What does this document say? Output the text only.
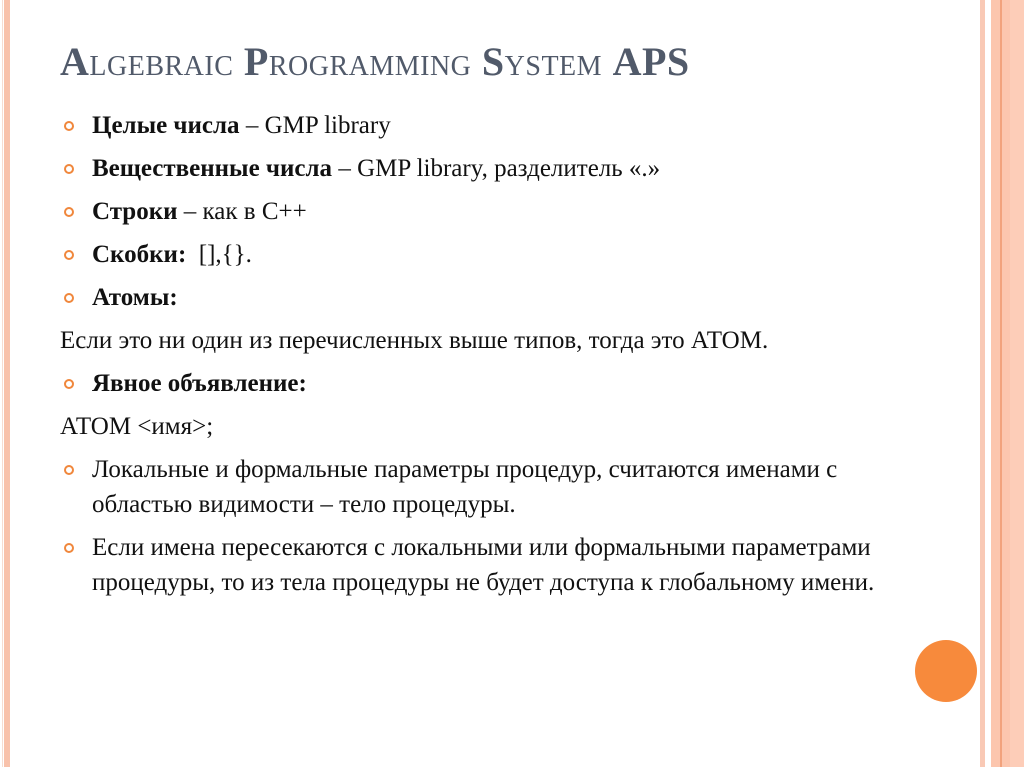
ALGEBRAIC PROGRAMMING SYSTEM APS
Целые числа – GMP library
Вещественные числа – GMP library, разделитель «.»
Строки – как в C++
Скобки:  [],{}.
Атомы:
Если это ни один из перечисленных выше типов, тогда это АТОМ.
Явное объявление:
АТОМ <имя>;
Локальные и формальные параметры процедур, считаются именами с областью видимости – тело процедуры.
Если имена пересекаются с локальными или формальными параметрами процедуры, то из тела процедуры не будет доступа к глобальному имени.
